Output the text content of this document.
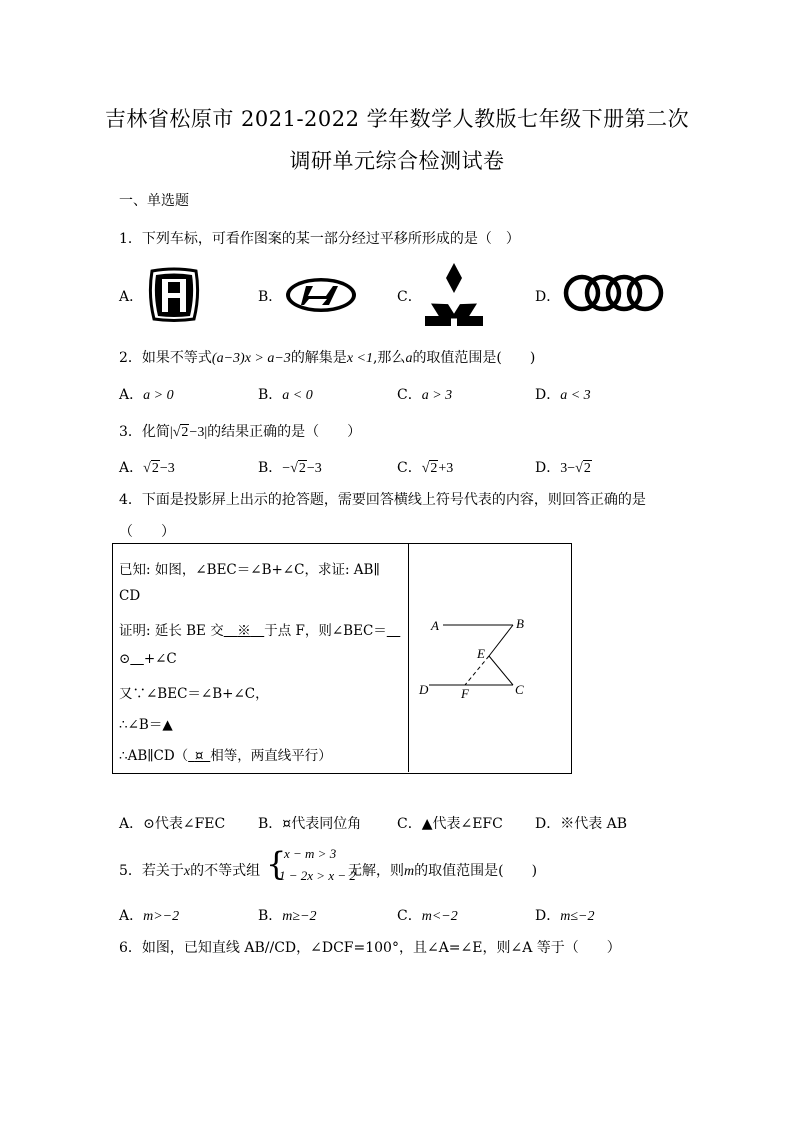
吉林省松原市 2021-2022 学年数学人教版七年级下册第二次
调研单元综合检测试卷
一、单选题
1．下列车标，可看作图案的某一部分经过平移所形成的是（　）
A．	B．	C．	D．
2．如果不等式(a−3)x > a−3的解集是x <1,那么a的取值范围是(　　)
A．a > 0	B．a < 0	C．a > 3	D．a < 3
3．化简|√2−3|的结果正确的是（　　）
A．√2−3	B．−√2−3	C．√2+3	D．3−√2
4．下面是投影屏上出示的抢答题，需要回答横线上符号代表的内容，则回答正确的是
（　　）
已知: 如图，∠BEC＝∠B+∠C，求证: AB∥
CD
证明: 延长 BE 交   ※   于点 F，则∠BEC＝  
⊙   +∠C
又∵∠BEC＝∠B+∠C，
∴∠B＝▲
∴AB∥CD（  ¤  相等，两直线平行）
A	B
E
D	F	C
A．⊙代表∠FEC B．¤代表同位角	C．▲代表∠EFC D．※代表 AB
5．若关于x的不等式组 {
x − m > 3
1 − 2x > x − 2
无解，则m的取值范围是(　　)
A．m>−2	B．m≥−2	C．m<−2	D．m≤−2
6．如图，已知直线 AB//CD，∠DCF=100°，且∠A=∠E，则∠A 等于（　　）
